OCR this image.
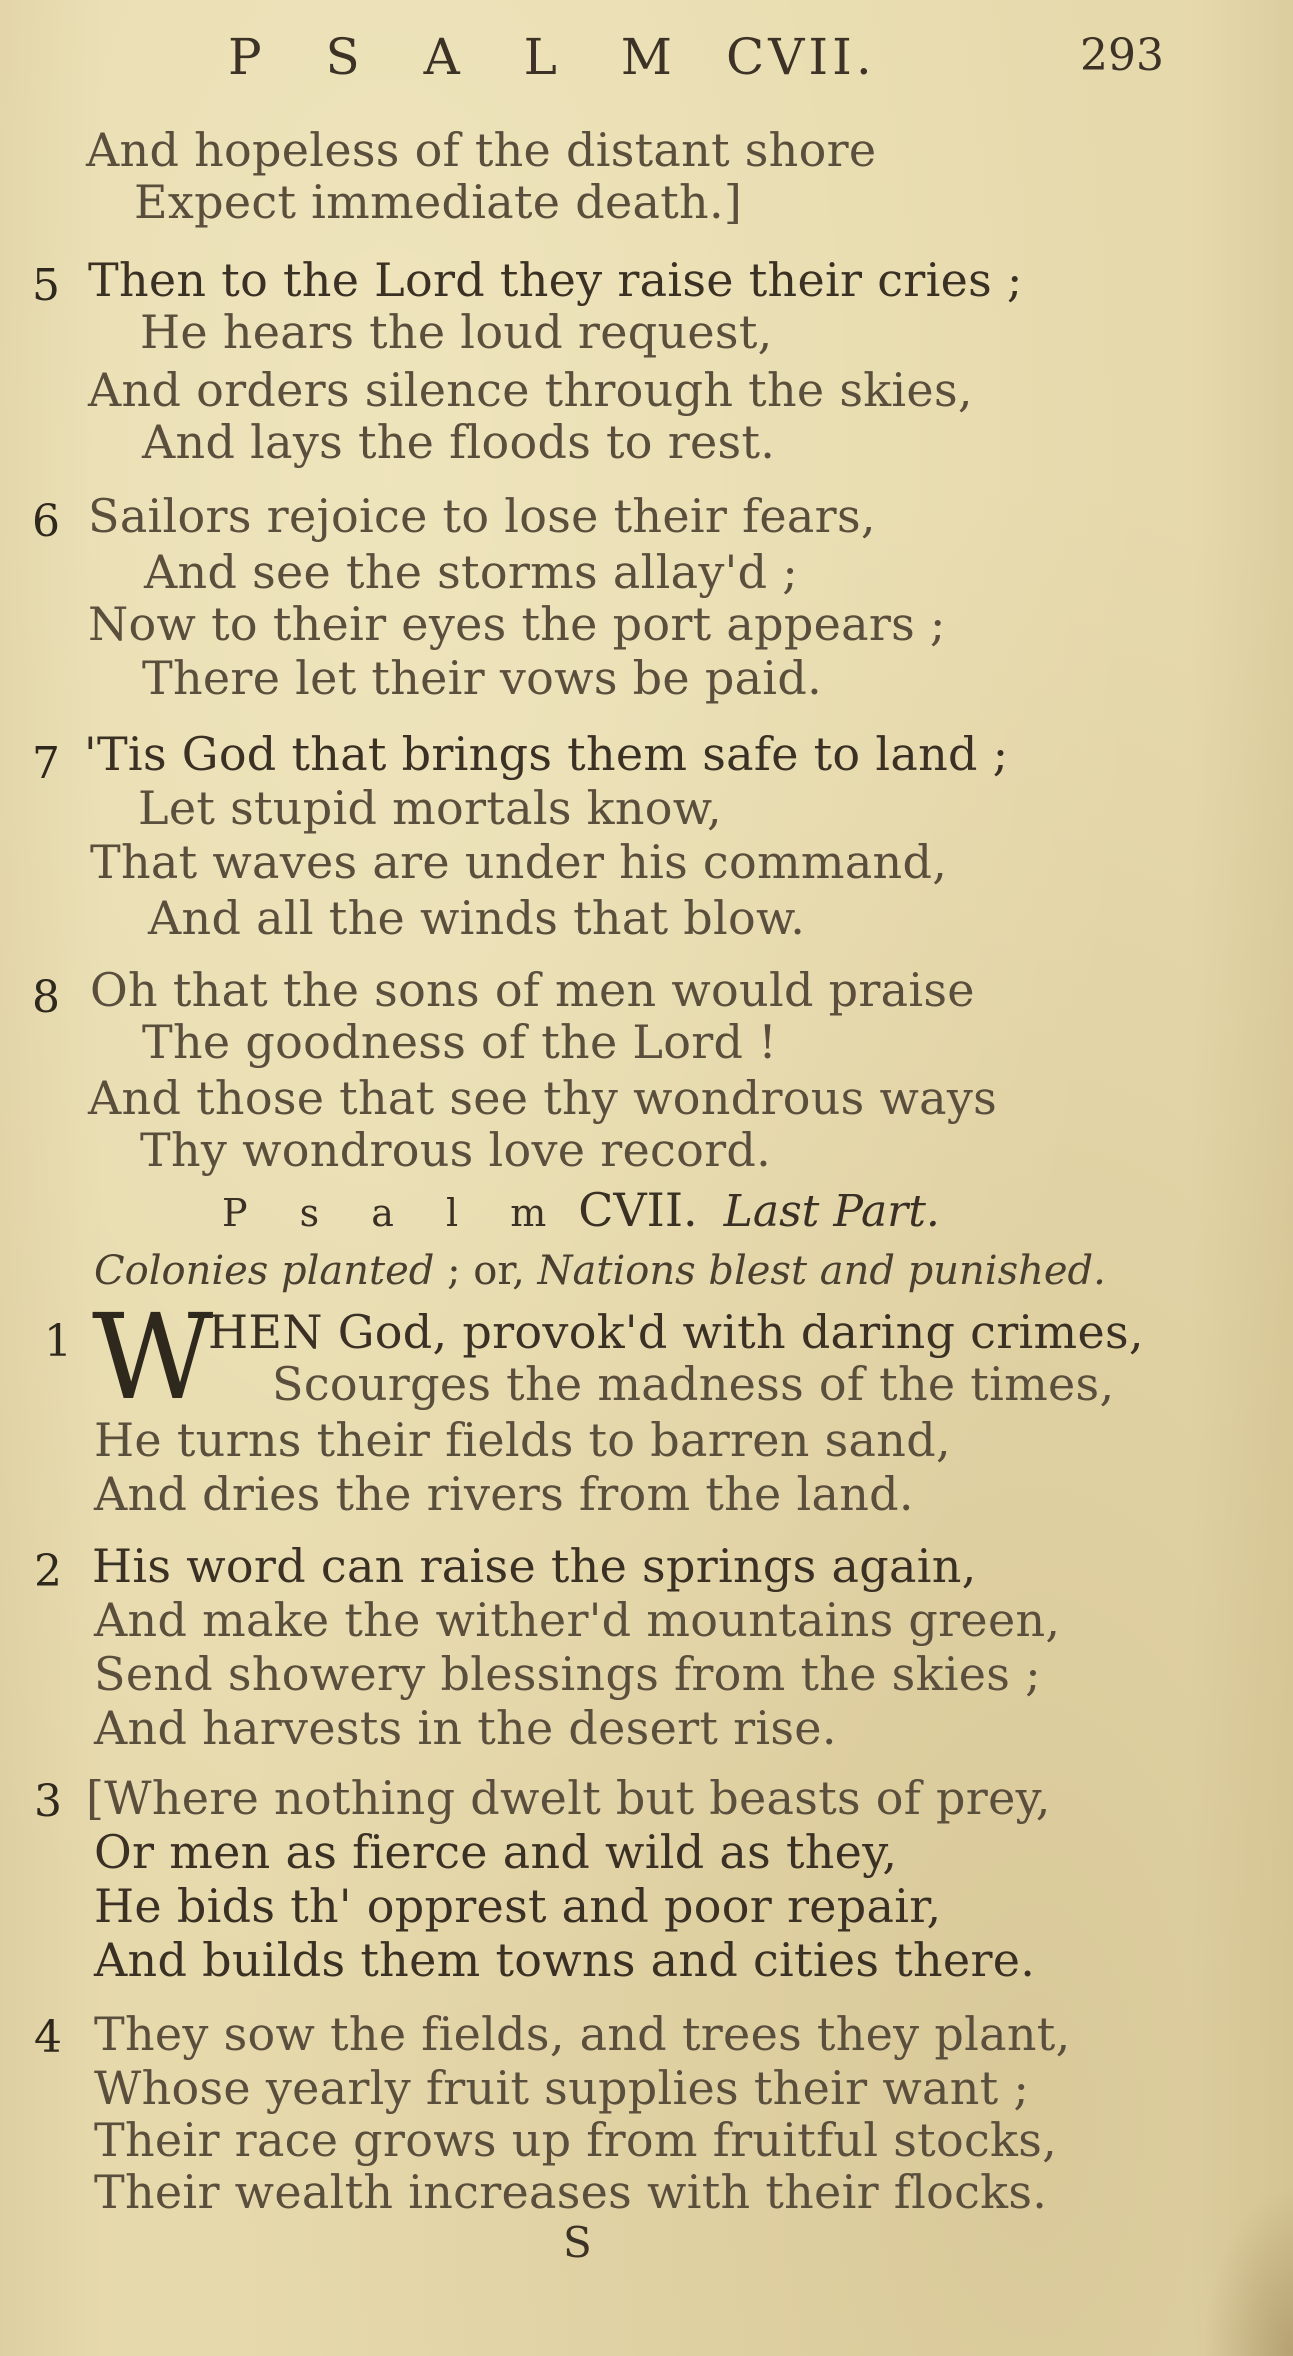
P S A L M CVII.	293
And hopeless of the distant shore
Expect immediate death.]
5 Then to the Lord they raise their cries ;
He hears the loud request,
And orders silence through the skies,
And lays the floods to rest.
6 Sailors rejoice to lose their fears,
And see the storms allay'd ;
Now to their eyes the port appears ;
There let their vows be paid.
7 'Tis God that brings them safe to land ;
Let stupid mortals know,
That waves are under his command,
And all the winds that blow.
8 Oh that the sons of men would praise
The goodness of the Lord !
And those that see thy wondrous ways
Thy wondrous love record.
P s a l m CVII. Last Part.
Colonies planted ; or, Nations blest and punished.
1 W
HEN God, provok'd with daring crimes,
Scourges the madness of the times,
He turns their fields to barren sand,
And dries the rivers from the land.
2 His word can raise the springs again,
And make the wither'd mountains green,
Send showery blessings from the skies ;
And harvests in the desert rise.
3 [Where nothing dwelt but beasts of prey,
Or men as fierce and wild as they,
He bids th' opprest and poor repair,
And builds them towns and cities there.
4 They sow the fields, and trees they plant,
Whose yearly fruit supplies their want ;
Their race grows up from fruitful stocks,
Their wealth increases with their flocks.
S
